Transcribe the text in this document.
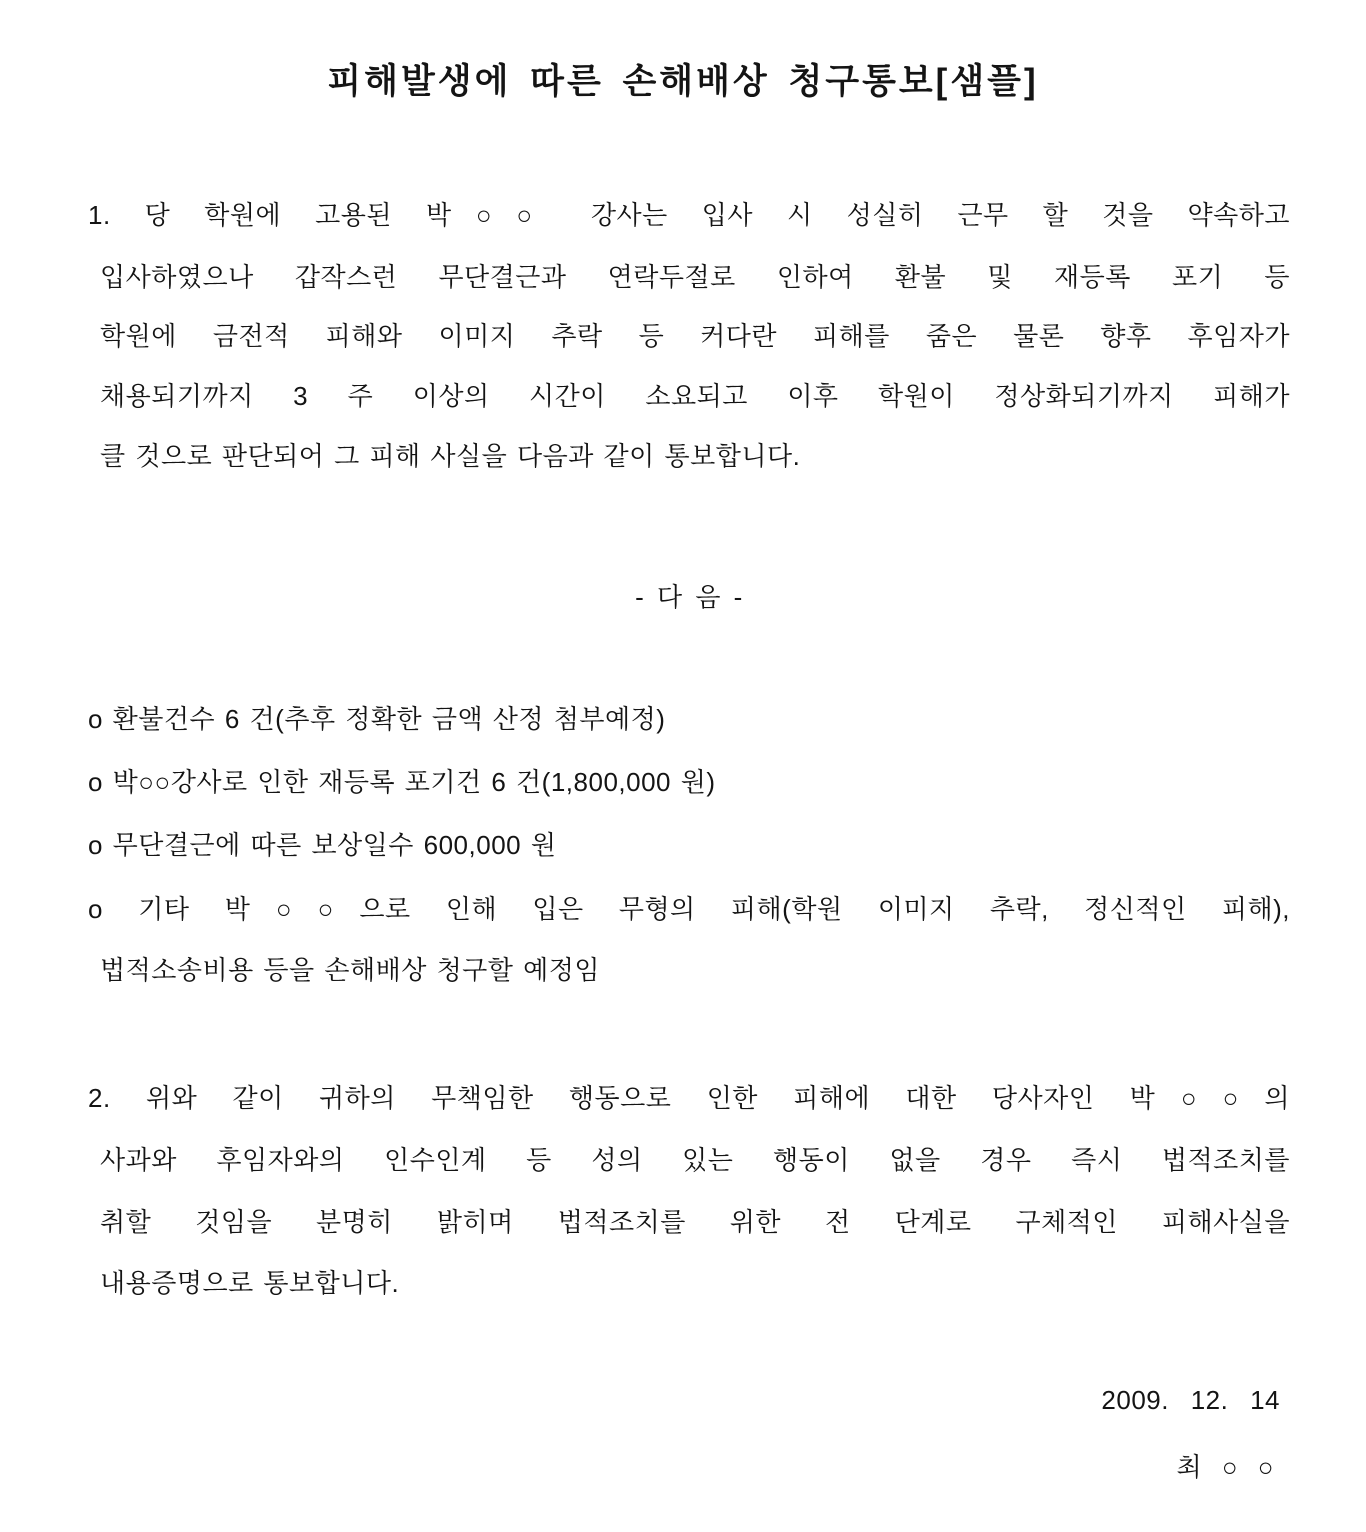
피해발생에 따른 손해배상 청구통보[샘플]
1. 당 학원에 고용된 박○○ 강사는 입사 시 성실히 근무 할 것을 약속하고
입사하였으나 갑작스런 무단결근과 연락두절로 인하여 환불 및 재등록 포기 등
학원에 금전적 피해와 이미지 추락 등 커다란 피해를 줌은 물론 향후 후임자가
채용되기까지 3 주 이상의 시간이 소요되고 이후 학원이 정상화되기까지 피해가
클 것으로 판단되어 그 피해 사실을 다음과 같이 통보합니다.
- 다 음 -
o 환불건수 6 건(추후 정확한 금액 산정 첨부예정)
o 박○○강사로 인한 재등록 포기건 6 건(1,800,000 원)
o 무단결근에 따른 보상일수 600,000 원
o 기타 박○○으로 인해 입은 무형의 피해(학원 이미지 추락, 정신적인 피해),
법적소송비용 등을 손해배상 청구할 예정임
2. 위와 같이 귀하의 무책임한 행동으로 인한 피해에 대한 당사자인 박○○의
사과와 후임자와의 인수인계 등 성의 있는 행동이 없을 경우 즉시 법적조치를
취할 것임을 분명히 밝히며 법적조치를 위한 전 단계로 구체적인 피해사실을
내용증명으로 통보합니다.
2009. 12. 14
최 ○ ○
